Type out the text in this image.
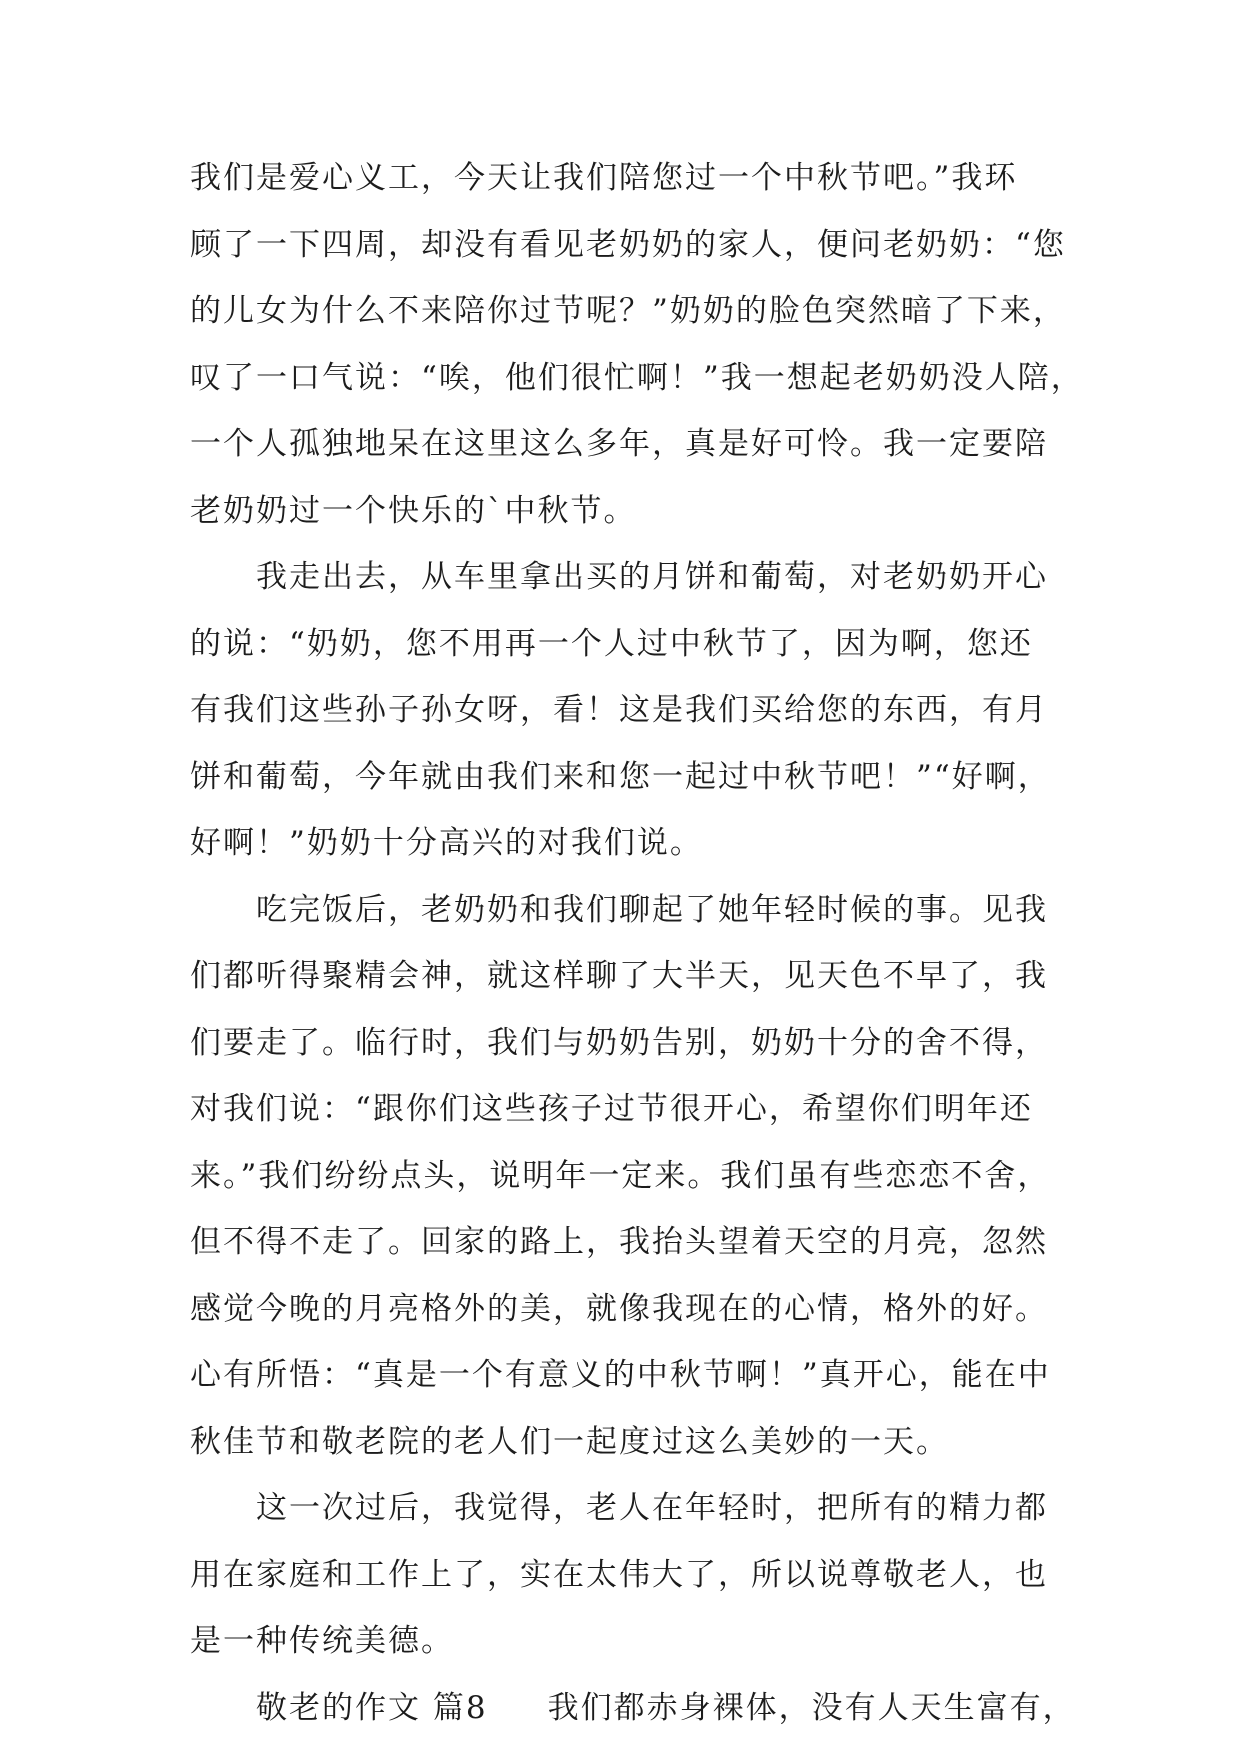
我们是爱心义工，今天让我们陪您过一个中秋节吧。”我环
顾了一下四周，却没有看见老奶奶的家人，便问老奶奶：“您
的儿女为什么不来陪你过节呢？”奶奶的脸色突然暗了下来，
叹了一口气说：“唉，他们很忙啊！”我一想起老奶奶没人陪，
一个人孤独地呆在这里这么多年，真是好可怜。我一定要陪
老奶奶过一个快乐的`中秋节。
我走出去，从车里拿出买的月饼和葡萄，对老奶奶开心
的说：“奶奶，您不用再一个人过中秋节了，因为啊，您还
有我们这些孙子孙女呀，看！这是我们买给您的东西，有月
饼和葡萄，今年就由我们来和您一起过中秋节吧！”“好啊，
好啊！”奶奶十分高兴的对我们说。
吃完饭后，老奶奶和我们聊起了她年轻时候的事。见我
们都听得聚精会神，就这样聊了大半天，见天色不早了，我
们要走了。临行时，我们与奶奶告别，奶奶十分的舍不得，
对我们说：“跟你们这些孩子过节很开心，希望你们明年还
来。”我们纷纷点头，说明年一定来。我们虽有些恋恋不舍，
但不得不走了。回家的路上，我抬头望着天空的月亮，忽然
感觉今晚的月亮格外的美，就像我现在的心情，格外的好。
心有所悟：“真是一个有意义的中秋节啊！”真开心，能在中
秋佳节和敬老院的老人们一起度过这么美妙的一天。
这一次过后，我觉得，老人在年轻时，把所有的精力都
用在家庭和工作上了，实在太伟大了，所以说尊敬老人，也
是一种传统美德。
敬老的作文 篇8 我们都赤身裸体，没有人天生富有，
